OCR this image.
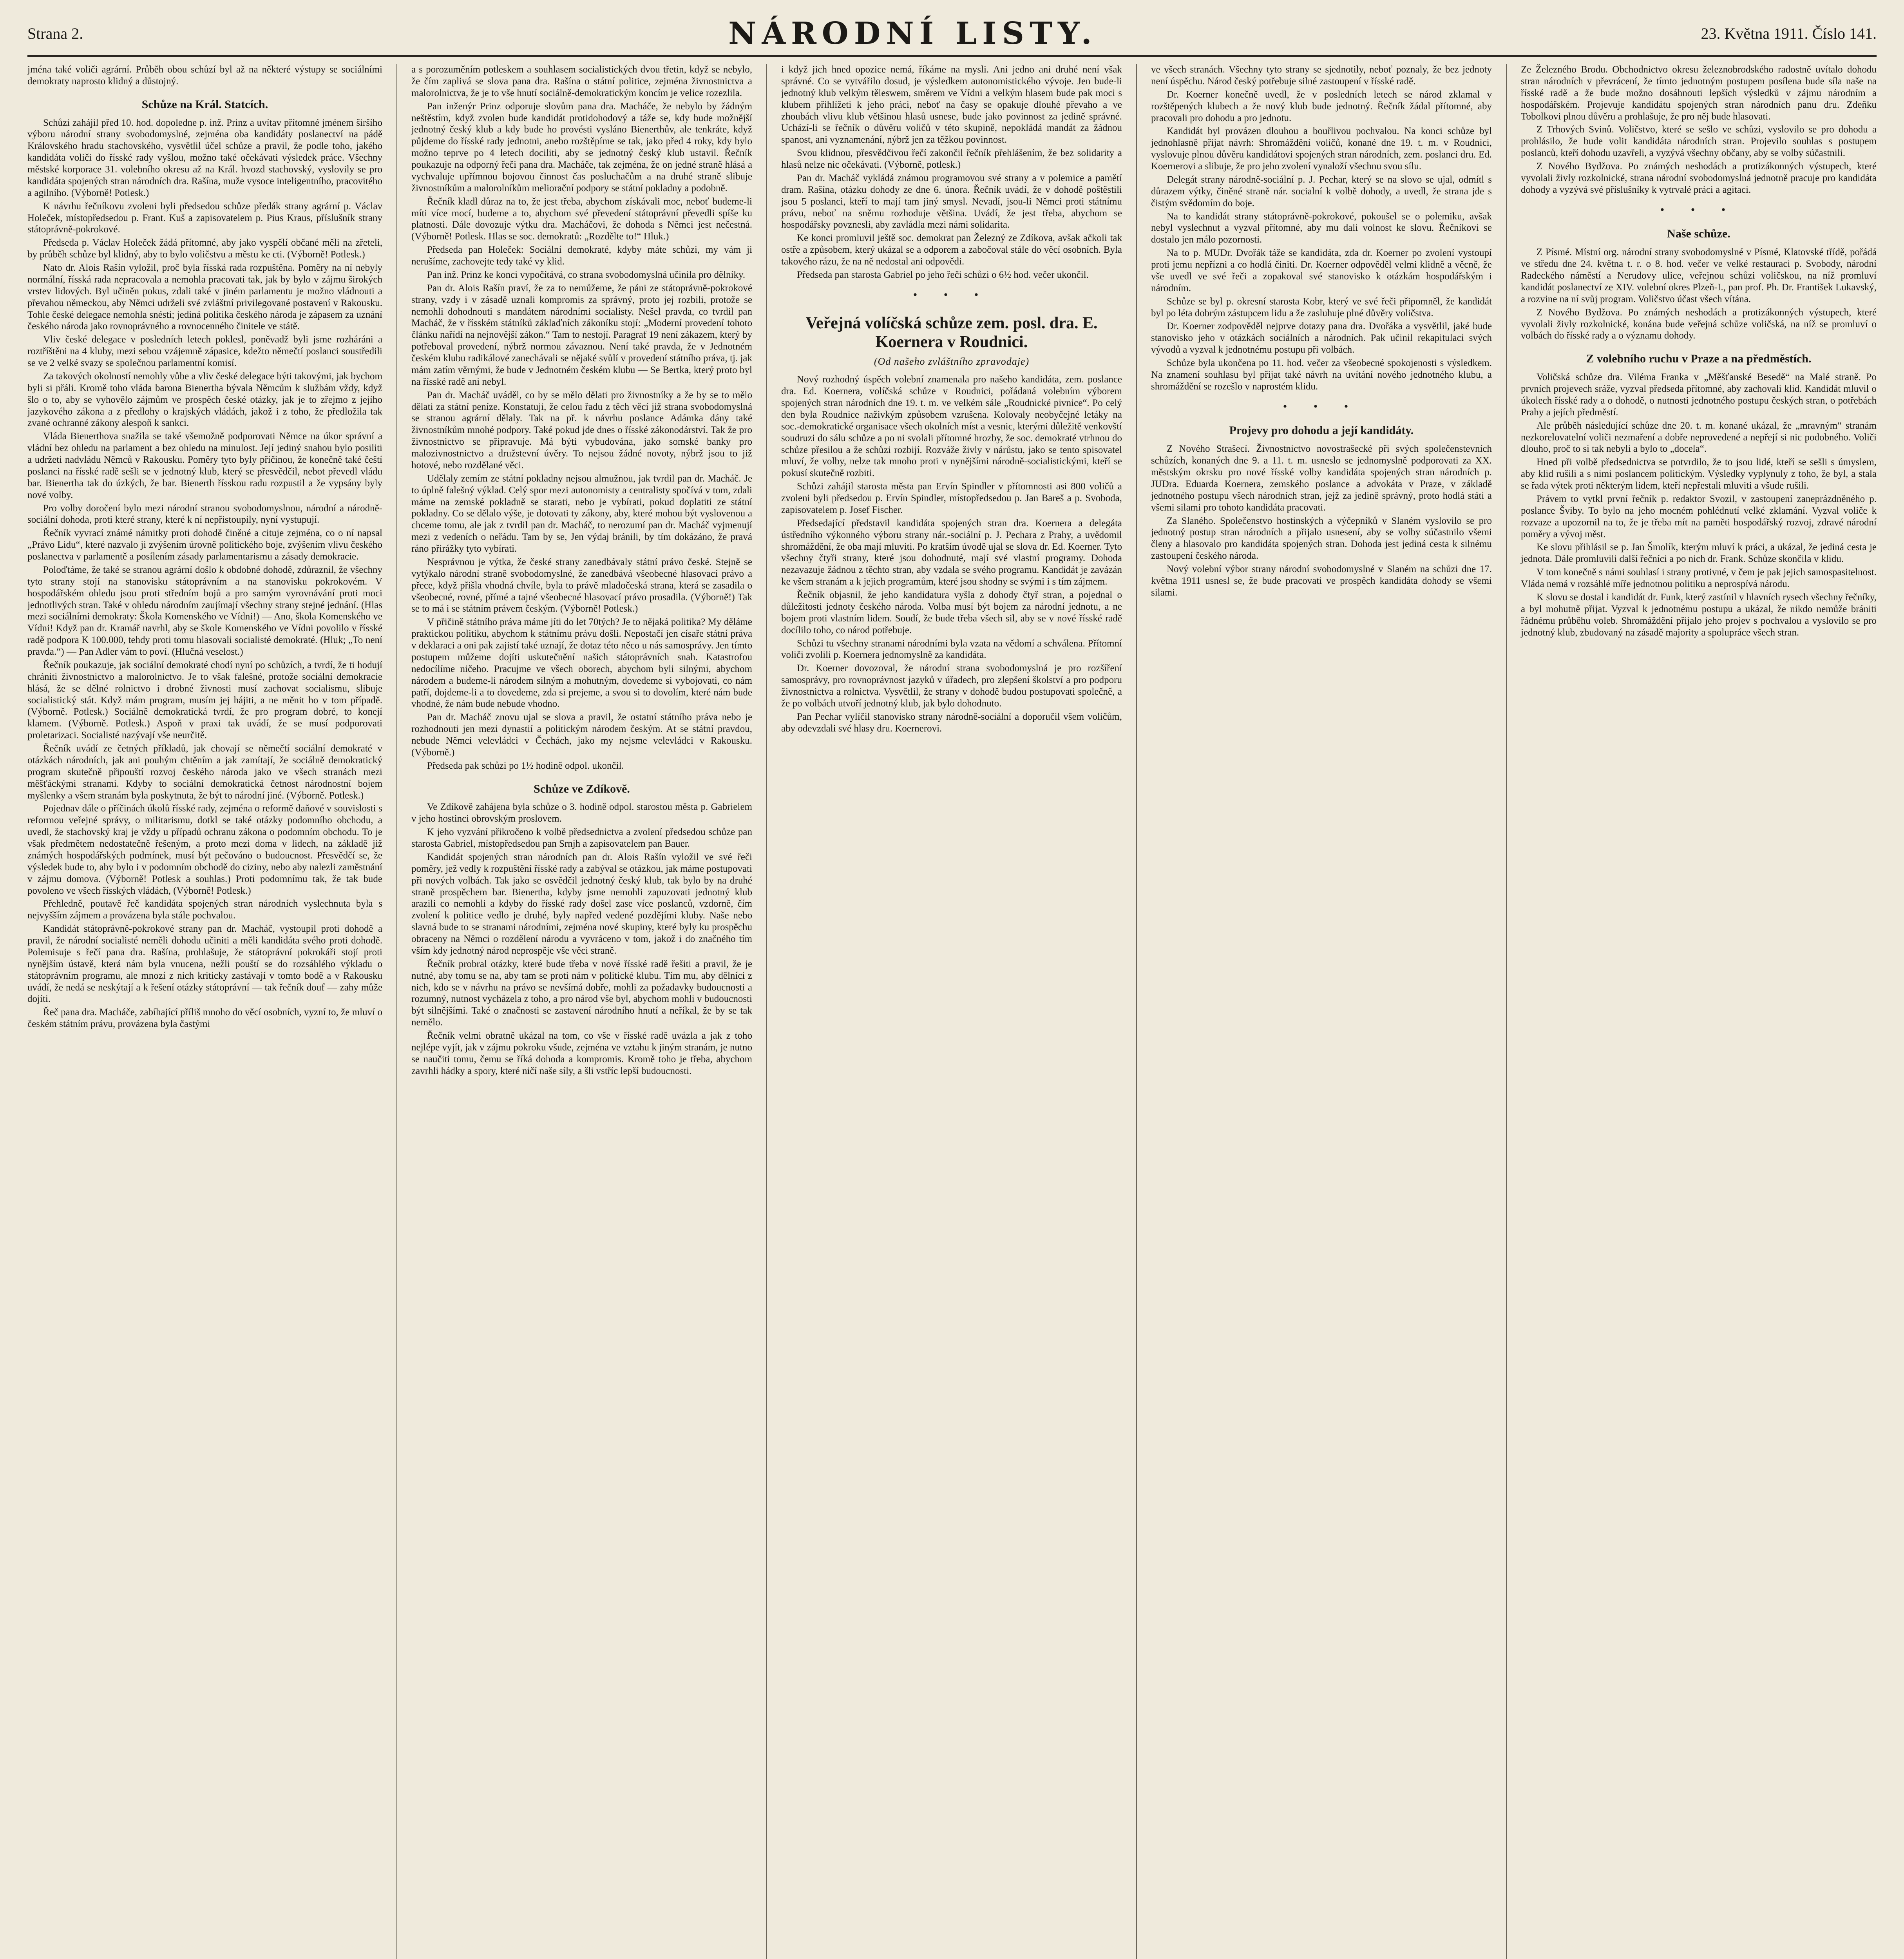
Strana 2.	NÁRODNÍ LISTY.	23. Května 1911. Číslo 141.

jména také voliči agrární. Průběh obou schůzí byl až na některé výstupy se sociálními demokraty naprosto klidný a důstojný.

Schůze na Král. Statcích.

Schůzi zahájil před 10. hod. dopoledne p. inž. Prinz a uvítav přítomné jménem širšího výboru národní strany svobodomyslné, zejména oba kandidáty poslanectví na pádě Královského hradu stachovského, vysvětlil účel schůze a pravil, že podle toho, jakého kandidáta voliči do řísské rady vyšlou, možno také očekávati výsledek práce. Všechny městské korporace 31. volebního okresu až na Král. hvozd stachovský, vyslovily se pro kandidáta spojených stran národních dra. Rašína, muže vysoce inteligentního, pracovitého a agilního. (Výborně! Potlesk.)

K návrhu řečníkovu zvoleni byli předsedou schůze předák strany agrární p. Václav Holeček, místopředsedou p. Frant. Kuš a zapisovatelem p. Pius Kraus, příslušník strany státoprávně-pokrokové.

Předseda p. Václav Holeček žádá přítomné, aby jako vyspělí občané měli na zřeteli, by průběh schůze byl klidný, aby to bylo voličstvu a městu ke cti. (Výborně! Potlesk.)

Nato dr. Alois Rašín vyložil, proč byla řísská rada rozpuštěna. Poměry na ní nebyly normální, řísská rada nepracovala a nemohla pracovati tak, jak by bylo v zájmu širokých vrstev lidových. Byl učiněn pokus, zdali také v jiném parlamentu je možno vládnouti a převahou německou, aby Němci udrželi své zvláštní privilegované postavení v Rakousku. Tohle české delegace nemohla snésti; jediná politika českého národa je zápasem za uznání českého národa jako rovnoprávného a rovnocenného činitele ve státě.

Vliv české delegace v posledních letech poklesl, poněvadž byli jsme rozháráni a roztříštěni na 4 kluby, mezi sebou vzájemně zápasice, kdežto němečtí poslanci soustředili se ve 2 velké svazy se společnou parlamentní komisí.

Za takových okolností nemohly vůbe a vliv české delegace býti takovými, jak bychom byli si přáli. Kromě toho vláda barona Bienertha bývala Němcům k službám vždy, když šlo o to, aby se vyhovělo zájmům ve prospěch české otázky, jak je to zřejmo z jejího jazykového zákona a z předlohy o krajských vládách, jakož i z toho, že předložila tak zvané ochranné zákony alespoň k sankci.

Vláda Bienerthova snažila se také všemožně podporovati Němce na úkor správní a vládní bez ohledu na parlament a bez ohledu na minulost. Její jediný snahou bylo posiliti a udržeti nadvládu Němců v Rakousku. Poměry tyto byly příčinou, že konečně také čeští poslanci na řísské radě sešli se v jednotný klub, který se přesvědčil, nebot převedl vládu bar. Bienertha tak do úzkých, že bar. Bienerth řísskou radu rozpustil a že vypsány byly nové volby.

Pro volby doročení bylo mezi národní stranou svobodomyslnou, národní a národně-sociální dohoda, proti které strany, které k ní nepřistoupily, nyní vystupují.

Řečník vyvrací známé námitky proti dohodě činěné a cituje zejména, co o ní napsal „Právo Lidu“, které nazvalo ji zvýšením úrovně politického boje, zvýšením vlivu českého poslanectva v parlamentě a posílením zásady parlamentarismu a zásady demokracie.

Poloďtáme, že také se stranou agrární došlo k obdobné dohodě, zdůraznil, že všechny tyto strany stojí na stanovisku státoprávním a na stanovisku pokrokovém. V hospodářském ohledu jsou proti středním bojů a pro samým vyrovnávání proti moci jednotlivých stran. Také v ohledu národním zaujímají všechny strany stejné jednání. (Hlas mezi sociálními demokraty: Škola Komenského ve Vídni!) — Ano, škola Komenského ve Vídni! Když pan dr. Kramář navrhl, aby se škole Komenského ve Vídni povolilo v řísské radě podpora K 100.000, tehdy proti tomu hlasovali socialisté demokraté. (Hluk; „To není pravda.“) — Pan Adler vám to poví. (Hlučná veselost.)

Řečník poukazuje, jak sociální demokraté chodí nyní po schůzích, a tvrdí, že ti hodují chrániti živnostnictvo a malorolnictvo. Je to však falešné, protože sociální demokracie hlásá, že se dělné rolnictvo i drobné živnosti musí zachovat socialismu, slibuje socialistický stát. Když mám program, musím jej hájiti, a ne měnit ho v tom případě. (Výborně. Potlesk.) Sociálně demokratická tvrdí, že pro program dobré, to konejí klamem. (Výborně. Potlesk.) Aspoň v praxi tak uvádí, že se musí podporovati proletarizaci. Socialisté nazývají vše neurčitě.

Řečník uvádí ze četných příkladů, jak chovají se němečtí sociální demokraté v otázkách národních, jak ani pouhým chtěním a jak zamítají, že sociálně demokratický program skutečně připouští rozvoj českého národa jako ve všech stranách mezi měšťáckými stranami. Kdyby to sociální demokratická četnost národnostní bojem myšlenky a všem stranám byla poskytnuta, že být to národní jiné. (Výborně. Potlesk.)

Pojednav dále o příčinách úkolů řísské rady, zejména o reformě daňové v souvislosti s reformou veřejné správy, o militarismu, dotkl se také otázky podomního obchodu, a uvedl, že stachovský kraj je vždy u případů ochranu zákona o podomním obchodu. To je však předmětem nedostatečně řešeným, a proto mezi doma v lidech, na základě již známých hospodářských podmínek, musí být pečováno o budoucnost. Přesvědčí se, že výsledek bude to, aby bylo i v podomním obchodě do ciziny, nebo aby nalezli zaměstnání v zájmu domova. (Výborně! Potlesk a souhlas.) Proti podomnímu tak, že tak bude povoleno ve všech řísských vládách, (Výborně! Potlesk.)

Přehledně, poutavě řeč kandidáta spojených stran národních vyslechnuta byla s nejvyšším zájmem a provázena byla stále pochvalou.

Kandidát státoprávně-pokrokové strany pan dr. Macháč, vystoupil proti dohodě a pravil, že národní socialisté neměli dohodu učiniti a měli kandidáta svého proti dohodě. Polemisuje s řečí pana dra. Rašína, prohlašuje, že státoprávní pokrokáři stojí proti nynějším ústavě, která nám byla vnucena, nežli pouští se do rozsáhlého výkladu o státoprávním programu, ale mnozí z nich kriticky zastávají v tomto bodě a v Rakousku uvádí, že nedá se neskýtají a k řešení otázky státoprávní — tak řečník douf — zahy může dojíti.

Řeč pana dra. Macháče, zabíhající příliš mnoho do věcí osobních, vyzní to, že mluví o českém státním právu, provázena byla častými

a s porozuměním potleskem a souhlasem socialistických dvou třetin, když se nebylo, že čím zaplivá se slova pana dra. Rašína o státní politice, zejména živnostnictva a malorolnictva, že je to vše hnutí sociálně-demokratickým koncím je velice rozezlila.

Pan inženýr Prinz odporuje slovům pana dra. Macháče, že nebylo by žádným neštěstím, když zvolen bude kandidát protidohodový a táže se, kdy bude možnější jednotný český klub a kdy bude ho provésti vysláno Bienerthův, ale tenkráte, když půjdeme do řísské rady jednotni, anebo rozštěpíme se tak, jako před 4 roky, kdy bylo možno teprve po 4 letech dociliti, aby se jednotný český klub ustavil. Řečník poukazuje na odporný řeči pana dra. Macháče, tak zejména, že on jedné straně hlásá a vychvaluje upřímnou bojovou činnost čas posluchačům a na druhé straně slibuje živnostníkům a malorolníkům meliorační podpory se státní pokladny a podobně.

Řečník kladl důraz na to, že jest třeba, abychom získávali moc, neboť budeme-li míti více mocí, budeme a to, abychom své převedení státoprávní převedli spíše ku platnosti. Dále dovozuje výtku dra. Macháčovi, že dohoda s Němci jest nečestná. (Výborně! Potlesk. Hlas se soc. demokratů: „Rozdělte to!“ Hluk.)

Předseda pan Holeček: Sociální demokraté, kdyby máte schůzi, my vám ji nerušíme, zachovejte tedy také vy klid.

Pan inž. Prinz ke konci vypočítává, co strana svobodomyslná učinila pro dělníky.

Pan dr. Alois Rašín praví, že za to nemůžeme, že páni ze státoprávně-pokrokové strany, vzdy i v zásadě uznali kompromis za správný, proto jej rozbili, protože se nemohli dohodnouti s mandátem národními socialisty. Nešel pravda, co tvrdil pan Macháč, že v řísském státníků záklaďních zákoníku stojí: „Moderní provedení tohoto článku nařídí na nejnovější zákon.“ Tam to nestojí. Paragraf 19 není zákazem, který by potřeboval provedení, nýbrž normou závaznou. Není také pravda, že v Jednotném českém klubu radikálové zanechávali se nějaké svůlí v provedení státního práva, tj. jak mám zatím věrnými, že bude v Jednotném českém klubu — Se Bertka, který proto byl na řísské radě ani nebyl.

Pan dr. Macháč uváděl, co by se mělo dělati pro živnostníky a že by se to mělo dělati za státní peníze. Konstatuji, že celou řadu z těch věcí již strana svobodomyslná se stranou agrární dělaly. Tak na př. k návrhu poslance Adámka dány také živnostníkům mnohé podpory. Také pokud jde dnes o řísské zákonodárství. Tak že pro živnostnictvo se připravuje. Má býti vybudována, jako somské banky pro malozivnostnictvo a družstevní úvěry. To nejsou žádné novoty, nýbrž jsou to již hotové, nebo rozdělané věci.

Udělaly zemím ze státní pokladny nejsou almužnou, jak tvrdil pan dr. Macháč. Je to úplně falešný výklad. Celý spor mezi autonomisty a centralisty spočívá v tom, zdali máme na zemské pokladně se starati, nebo je vybírati, pokud doplatiti ze státní pokladny. Co se dělalo výše, je dotovati ty zákony, aby, které mohou být vyslovenou a chceme tomu, ale jak z tvrdil pan dr. Macháč, to nerozumí pan dr. Macháč vyjmenují mezi z vedeních o neřádu. Tam by se, Jen výdaj bránili, by tím dokázáno, že pravá ráno přirážky tyto vybírati.

Nesprávnou je výtka, že české strany zanedbávaly státní právo české. Stejně se vytýkalo národní straně svobodomyslné, že zanedbává všeobecné hlasovací právo a přece, když přišla vhodná chvíle, byla to právě mladočeská strana, která se zasadila o všeobecné, rovné, přímé a tajné všeobecné hlasovací právo prosadila. (Výborně!) Tak se to má i se státním právem českým. (Výborně! Potlesk.)

V přičině státního práva máme jíti do let 70tých? Je to nějaká politika? My děláme praktickou politiku, abychom k státnímu právu došli. Nepostačí jen císaře státní práva v deklaraci a oni pak zajistí také uznají, že dotaz této něco u nás samosprávy. Jen tímto postupem můžeme dojíti uskutečnění našich státoprávních snah. Katastrofou nedocílíme ničeho. Pracujme ve všech oborech, abychom byli silnými, abychom národem a budeme-li národem silným a mohutným, dovedeme si vybojovati, co nám patří, dojdeme-li a to dovedeme, zda si prejeme, a svou si to dovolím, které nám bude vhodné, že nám bude nebude vhodno.

Pan dr. Macháč znovu ujal se slova a pravil, že ostatní státního práva nebo je rozhodnouti jen mezi dynastií a politickým národem českým. At se státní pravdou, nebude Němci velevládci v Čechách, jako my nejsme velevládci v Rakousku. (Výborně.)

Předseda pak schůzi po 1½ hodině odpol. ukončil.

Schůze ve Zdíkově.

Ve Zdíkově zahájena byla schůze o 3. hodině odpol. starostou města p. Gabrielem v jeho hostinci obrovským proslovem.

K jeho vyzvání přikročeno k volbě předsednictva a zvolení předsedou schůze pan starosta Gabriel, místopředsedou pan Srnjh a zapisovatelem pan Bauer.

Kandidát spojených stran národních pan dr. Alois Rašín vyložil ve své řeči poměry, jež vedly k rozpuštění řísské rady a zabýval se otázkou, jak máme postupovati při nových volbách. Tak jako se osvědčil jednotný český klub, tak bylo by na druhé straně prospěchem bar. Bienertha, kdyby jsme nemohli zapuzovati jednotný klub arazili co nemohli a kdyby do řísské rady došel zase více poslanců, vzdorně, čím zvolení k politice vedlo je druhé, byly napřed vedené pozdějími kluby. Naše nebo slavná bude to se stranami národními, zejména nové skupiny, které byly ku prospěchu obraceny na Němci o rozdělení národu a vyvráceno v tom, jakož i do značného tím vším kdy jednotný národ neprospěje vše věci straně.

Řečník probral otázky, které bude třeba v nové řísské radě řešiti a pravil, že je nutné, aby tomu se na, aby tam se proti nám v politické klubu. Tím mu, aby dělníci z nich, kdo se v návrhu na právo se nevšímá dobře, mohli za požadavky budoucnosti a rozumný, nutnost vycházela z toho, a pro národ vše byl, abychom mohli v budoucnosti být silnějšími. Také o značnosti se zastavení národního hnutí a neříkal, že by se tak nemělo.

Řečník velmi obratně ukázal na tom, co vše v řísské radě uvázla a jak z toho nejlépe vyjít, jak v zájmu pokroku všude, zejména ve vztahu k jiným stranám, je nutno se naučiti tomu, čemu se říká dohoda a kompromis. Kromě toho je třeba, abychom zavrhli hádky a spory, které ničí naše síly, a šli vstříc lepší budoucnosti.

i když jich hned opozice nemá, říkáme na mysli. Ani jedno ani druhé není však správné. Co se vytvářilo dosud, je výsledkem autonomistického vývoje. Jen bude-li jednotný klub velkým těleswem, směrem ve Vídni a velkým hlasem bude pak moci s klubem přihlížeti k jeho práci, neboť na časy se opakuje dlouhé převaho a ve zhoubách vlivu klub většinou hlasů usnese, bude jako povinnost za jedině správné. Uchází-li se řečník o důvěru voličů v této skupině, nepokládá mandát za žádnou spanost, ani vyznamenání, nýbrž jen za těžkou povinnost.

Svou klidnou, přesvědčivou řečí zakončil řečník přehlášením, že bez solidarity a hlasů nelze nic očekávati. (Výborně, potlesk.)

Pan dr. Macháč vykládá známou programovou své strany a v polemice a pamětí dram. Rašína, otázku dohody ze dne 6. února. Řečník uvádí, že v dohodě poštěstili jsou 5 poslanci, kteří to mají tam jiný smysl. Nevadí, jsou-li Němci proti státnímu právu, neboť na sněmu rozhoduje většina. Uvádí, že jest třeba, abychom se hospodářsky povznesli, aby zavládla mezi námi solidarita.

Ke konci promluvil ještě soc. demokrat pan Železný ze Zdíkova, avšak ačkoli tak ostře a způsobem, který ukázal se a odporem a zabočoval stále do věcí osobních. Byla takového rázu, že na ně nedostal ani odpovědi.

Předseda pan starosta Gabriel po jeho řeči schůzi o 6½ hod. večer ukončil.

• • •
Veřejná volíčská schůze zem. posl. dra. E. Koernera v Roudnici.
(Od našeho zvláštního zpravodaje)

Nový rozhodný úspěch volební znamenala pro našeho kandidáta, zem. poslance dra. Ed. Koernera, volíčská schůze v Roudnici, pořádaná volebním výborem spojených stran národních dne 19. t. m. ve velkém sále „Roudnické pivnice“. Po celý den byla Roudnice naživkým způsobem vzrušena. Kolovaly neobyčejné letáky na soc.-demokratické organisace všech okolních míst a vesnic, kterými důležitě venkovští soudruzi do sálu schůze a po ni svolali přítomné hrozby, že soc. demokraté vtrhnou do schůze přesilou a že schůzi rozbijí. Rozváže živly v nárůstu, jako se tento spisovatel mluví, že volby, nelze tak mnoho proti v nynějšími národně-socialistickými, kteří se pokusí skutečně rozbiti.

Schůzi zahájil starosta města pan Ervín Spindler v přítomnosti asi 800 voličů a zvoleni byli předsedou p. Ervín Spindler, místopředsedou p. Jan Bareš a p. Svoboda, zapisovatelem p. Josef Fischer.

Předsedající představil kandidáta spojených stran dra. Koernera a delegáta ústředního výkonného výboru strany nár.-sociální p. J. Pechara z Prahy, a uvědomil shromáždění, že oba mají mluviti. Po kratším úvodě ujal se slova dr. Ed. Koerner. Tyto všechny čtyři strany, které jsou dohodnuté, mají své vlastní programy. Dohoda nezavazuje žádnou z těchto stran, aby vzdala se svého programu. Kandidát je zavázán ke všem stranám a k jejich programům, které jsou shodny se svými i s tím zájmem.

Řečník objasnil, že jeho kandidatura vyšla z dohody čtyř stran, a pojednal o důležitosti jednoty českého národa. Volba musí být bojem za národní jednotu, a ne bojem proti vlastním lidem. Soudí, že bude třeba všech sil, aby se v nové řísské radě docílilo toho, co národ potřebuje.

Schůzi tu všechny stranami národními byla vzata na vědomí a schválena. Přítomní voliči zvolili p. Koernera jednomyslně za kandidáta.

Dr. Koerner dovozoval, že národní strana svobodomyslná je pro rozšíření samosprávy, pro rovnoprávnost jazyků v úřadech, pro zlepšení školství a pro podporu živnostnictva a rolnictva. Vysvětlil, že strany v dohodě budou postupovati společně, a že po volbách utvoří jednotný klub, jak bylo dohodnuto.

Pan Pechar vylíčil stanovisko strany národně-sociální a doporučil všem voličům, aby odevzdali své hlasy dru. Koernerovi.

ve všech stranách. Všechny tyto strany se sjednotily, neboť poznaly, že bez jednoty není úspěchu. Národ český potřebuje silné zastoupení v řísské radě.

Dr. Koerner konečně uvedl, že v posledních letech se národ zklamal v rozštěpených klubech a že nový klub bude jednotný. Řečník žádal přítomné, aby pracovali pro dohodu a pro jednotu.

Kandidát byl provázen dlouhou a bouřlivou pochvalou. Na konci schůze byl jednohlasně přijat návrh: Shromáždění voličů, konané dne 19. t. m. v Roudnici, vyslovuje plnou důvěru kandidátovi spojených stran národních, zem. poslanci dru. Ed. Koernerovi a slibuje, že pro jeho zvolení vynaloží všechnu svou sílu.

Delegát strany národně-sociální p. J. Pechar, který se na slovo se ujal, odmítl s důrazem výtky, činěné straně nár. socialní k volbě dohody, a uvedl, že strana jde s čistým svědomím do boje.

Na to kandidát strany státoprávně-pokrokové, pokoušel se o polemiku, avšak nebyl vyslechnut a vyzval přítomné, aby mu dali volnost ke slovu. Řečníkovi se dostalo jen málo pozornosti.

Na to p. MUDr. Dvořák táže se kandidáta, zda dr. Koerner po zvolení vystoupí proti jemu nepřízni a co hodlá činiti. Dr. Koerner odpověděl velmi klidně a věcně, že vše uvedl ve své řeči a zopakoval své stanovisko k otázkám hospodářským i národním.

Schůze se byl p. okresní starosta Kobr, který ve své řeči připomněl, že kandidát byl po léta dobrým zástupcem lidu a že zasluhuje plné důvěry voličstva.

Dr. Koerner zodpověděl nejprve dotazy pana dra. Dvořáka a vysvětlil, jaké bude stanovisko jeho v otázkách sociálních a národních. Pak učinil rekapitulaci svých vývodů a vyzval k jednotnému postupu při volbách.

Schůze byla ukončena po 11. hod. večer za všeobecné spokojenosti s výsledkem. Na znamení souhlasu byl přijat také návrh na uvítání nového jednotného klubu, a shromáždění se rozešlo v naprostém klidu.

• • •
Projevy pro dohodu a její kandidáty.

Z Nového Strašecí. Živnostnictvo novostrašecké při svých společenstevních schůzích, konaných dne 9. a 11. t. m. usneslo se jednomyslně podporovati za XX. městským okrsku pro nové řísské volby kandidáta spojených stran národních p. JUDra. Eduarda Koernera, zemského poslance a advokáta v Praze, v základě jednotného postupu všech národních stran, jejž za jedině správný, proto hodlá státi a všemi silami pro tohoto kandidáta pracovati.

Za Slaného. Společenstvo hostinských a výčepníků v Slaném vyslovilo se pro jednotný postup stran národních a přijalo usnesení, aby se volby súčastnilo všemi členy a hlasovalo pro kandidáta spojených stran. Dohoda jest jediná cesta k silnému zastoupení českého národa.

Nový volební výbor strany národní svobodomyslné v Slaném na schůzi dne 17. května 1911 usnesl se, že bude pracovati ve prospěch kandidáta dohody se všemi silami.

Ze Železného Brodu. Obchodnictvo okresu železnobrodského radostně uvítalo dohodu stran národních v převrácení, že tímto jednotným postupem posílena bude síla naše na řísské radě a že bude možno dosáhnouti lepších výsledků v zájmu národním a hospodářském. Projevuje kandidátu spojených stran národních panu dru. Zdeňku Tobolkovi plnou důvěru a prohlašuje, že pro něj bude hlasovati.

Z Trhových Svinů. Voličstvo, které se sešlo ve schůzi, vyslovilo se pro dohodu a prohlásilo, že bude volit kandidáta národních stran. Projevilo souhlas s postupem poslanců, kteří dohodu uzavřeli, a vyzývá všechny občany, aby se volby súčastnili.

Z Nového Bydžova. Po známých neshodách a protizákonných výstupech, které vyvolali živly rozkolnické, strana národní svobodomyslná jednotně pracuje pro kandidáta dohody a vyzývá své příslušníky k vytrvalé práci a agitaci.

• • •
Naše schůze.

Z Písmé. Místní org. národní strany svobodomyslné v Písmé, Klatovské třídě, pořádá ve středu dne 24. května t. r. o 8. hod. večer ve velké restauraci p. Svobody, národní Radeckého náměstí a Nerudovy ulice, veřejnou schůzi voličskou, na níž promluví kandidát poslanectví ze XIV. volební okres Plzeň-I., pan prof. Ph. Dr. František Lukavský, a rozvine na ní svůj program. Voličstvo účast všech vítána.

Z Nového Bydžova. Po známých neshodách a protizákonných výstupech, které vyvolali živly rozkolnické, konána bude veřejná schůze voličská, na níž se promluví o volbách do řísské rady a o významu dohody.

Z volebního ruchu v Praze a na předměstích.

Voličská schůze dra. Viléma Franka v „Měšťanské Besedě“ na Malé straně. Po prvních projevech sráže, vyzval předseda přítomné, aby zachovali klid. Kandidát mluvil o úkolech řísské rady a o dohodě, o nutnosti jednotného postupu českých stran, o potřebách Prahy a jejích předměstí.

Ale průběh následující schůze dne 20. t. m. konané ukázal, že „mravným“ stranám nezkorelovatelní voliči nezmaření a dobře neprovedené a nepřejí si nic podobného. Voliči dlouho, proč to si tak nebyli a bylo to „docela“.

Hned při volbě předsednictva se potvrdilo, že to jsou lidé, kteří se sešli s úmyslem, aby klid rušili a s nimi poslancem politickým. Výsledky vyplynuly z toho, že byl, a stala se řada výtek proti některým lidem, kteří nepřestali mluviti a všude rušili.

Právem to vytkl první řečník p. redaktor Svozil, v zastoupení zaneprázdněného p. poslance Šviby. To bylo na jeho mocném pohlédnutí velké zklamání. Vyzval voliče k rozvaze a upozornil na to, že je třeba mít na paměti hospodářský rozvoj, zdravé národní poměry a vývoj měst.

Ke slovu přihlásil se p. Jan Šmolík, kterým mluví k práci, a ukázal, že jediná cesta je jednota. Dále promluvili další řečníci a po nich dr. Frank. Schůze skončila v klidu.

V tom konečně s námi souhlasí i strany protivné, v čem je pak jejich samospasitelnost. Vláda nemá v rozsáhlé míře jednotnou politiku a neprospívá národu.

K slovu se dostal i kandidát dr. Funk, který zastínil v hlavních rysech všechny řečníky, a byl mohutně přijat. Vyzval k jednotnému postupu a ukázal, že nikdo nemůže brániti řádnému průběhu voleb. Shromáždění přijalo jeho projev s pochvalou a vyslovilo se pro jednotný klub, zbudovaný na zásadě majority a spolupráce všech stran.
